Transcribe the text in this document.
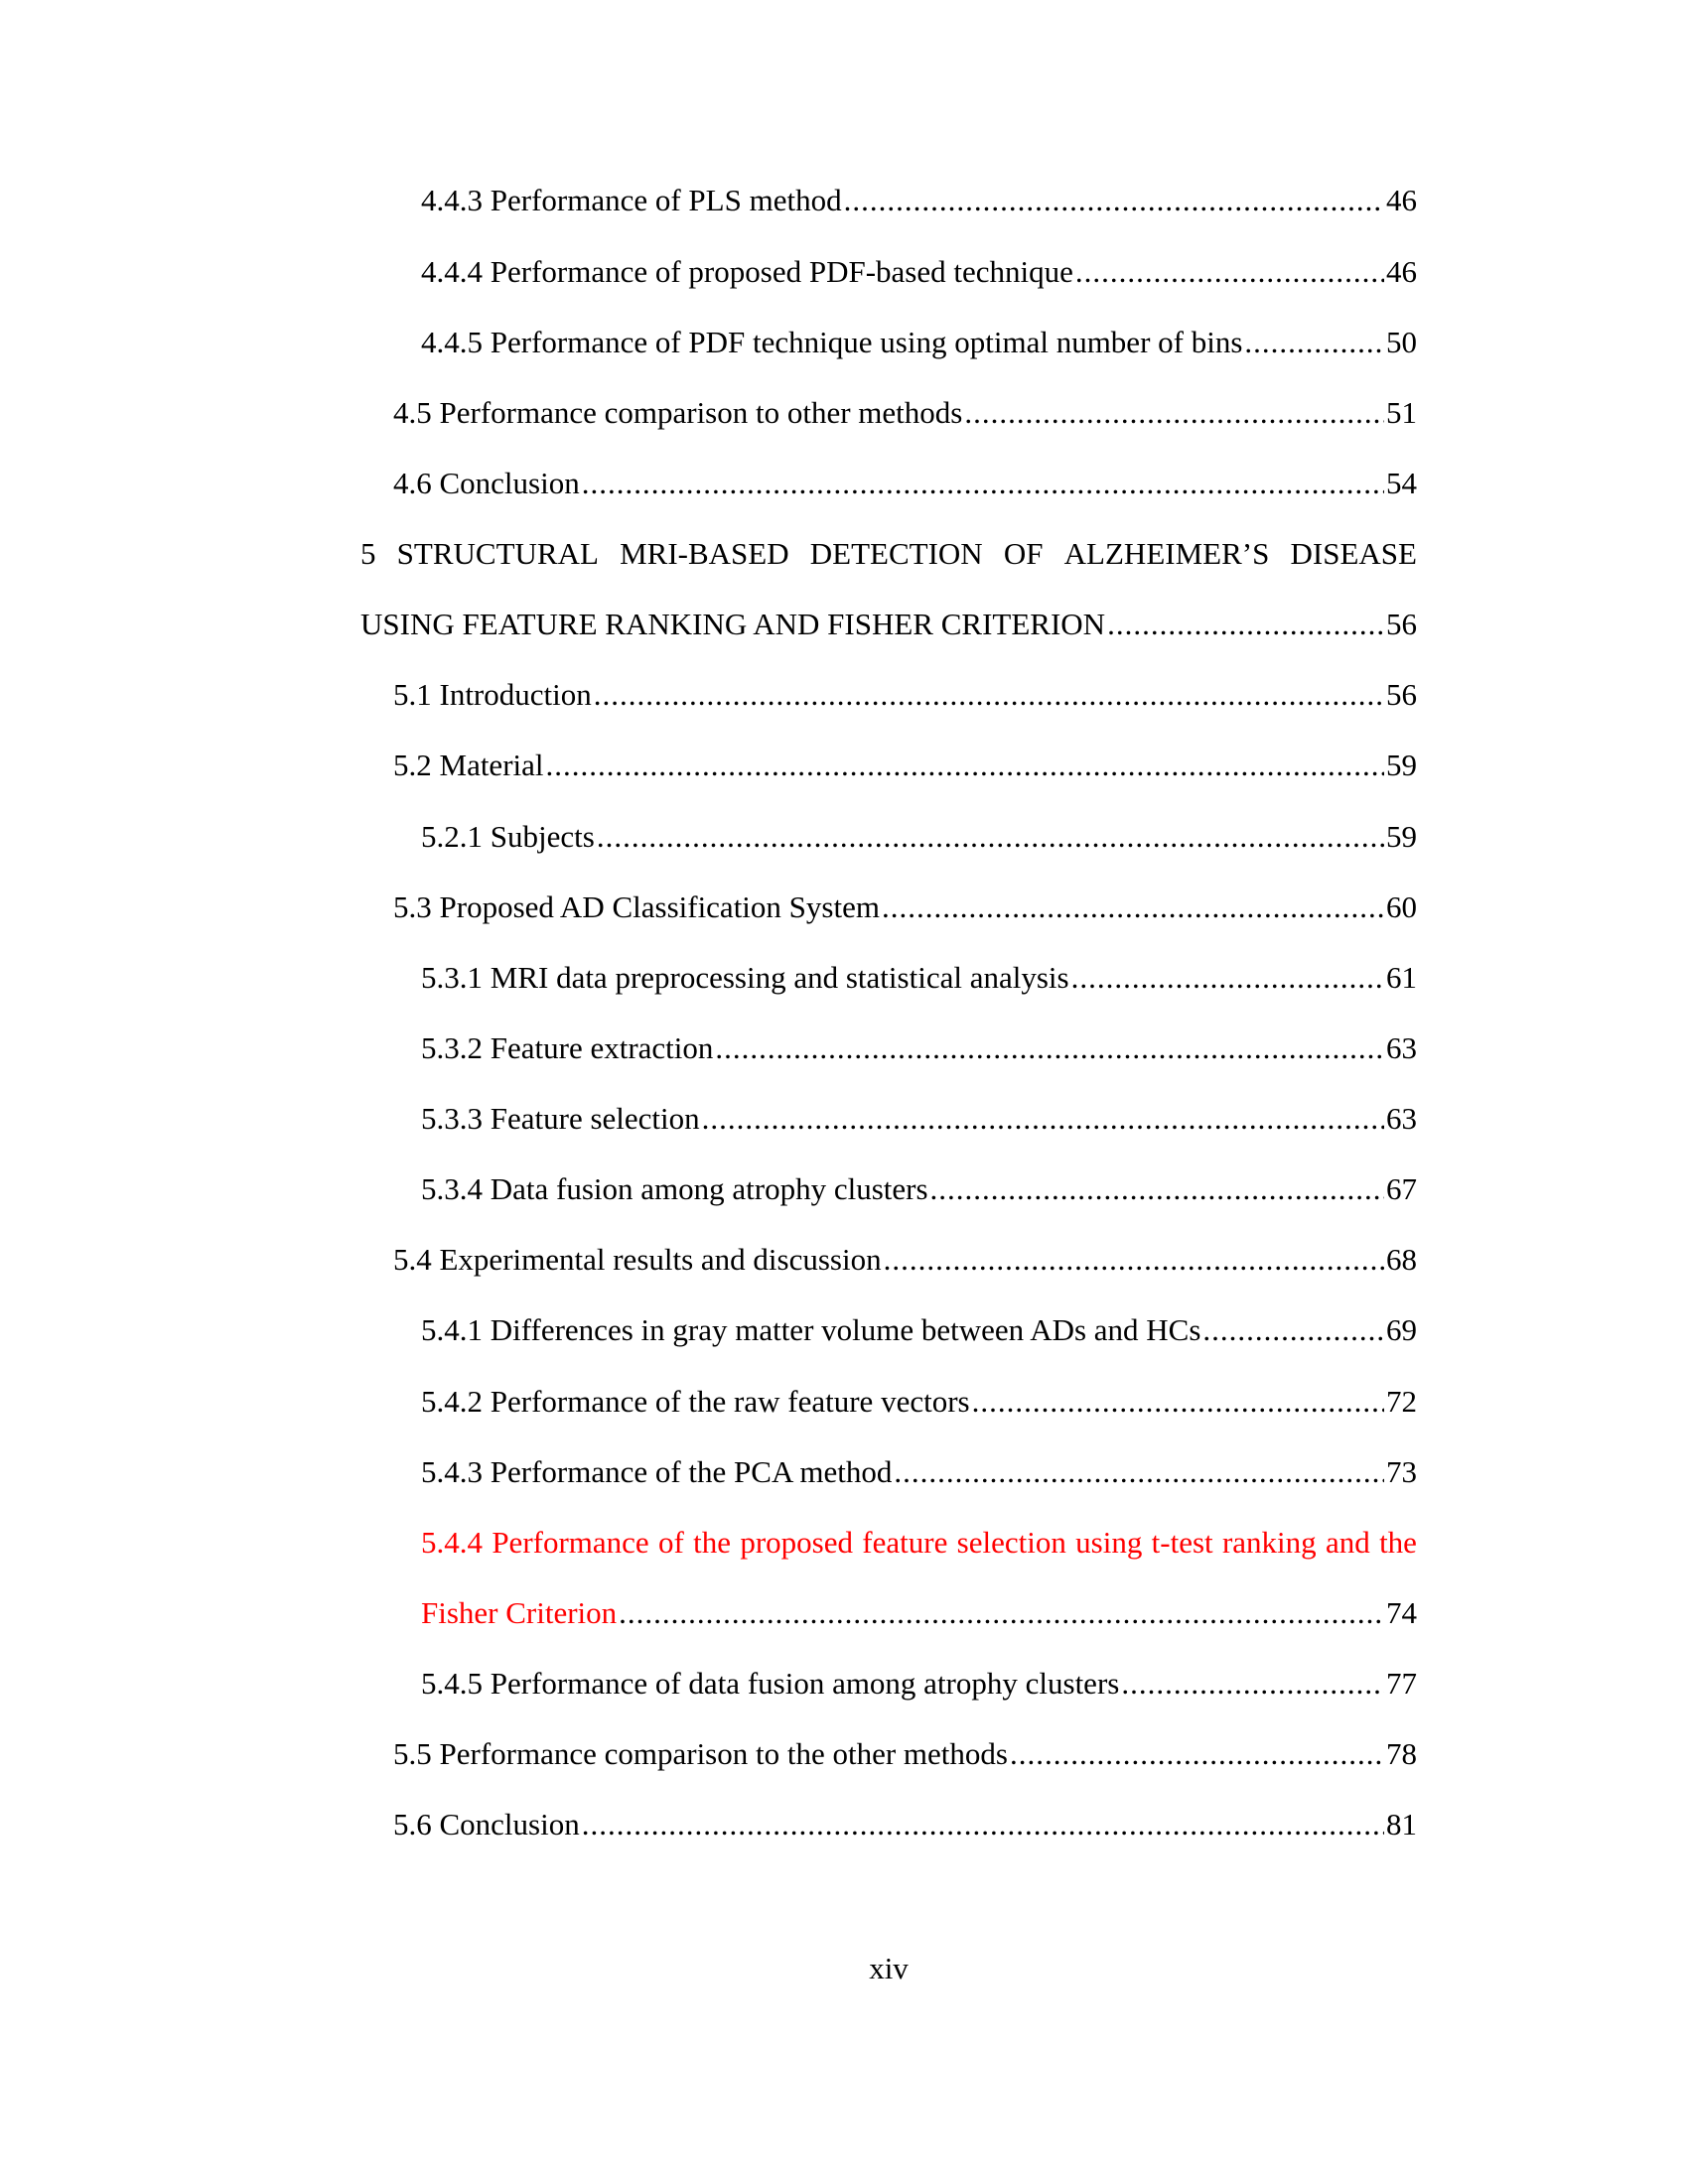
4.4.3 Performance of PLS method .....	46
4.4.4 Performance of proposed PDF-based technique .....	46
4.4.5 Performance of PDF technique using optimal number of bins .....	50
4.5 Performance comparison to other methods .....	51
4.6 Conclusion .....	54
5 STRUCTURAL MRI-BASED DETECTION OF ALZHEIMER’S DISEASE
USING FEATURE RANKING AND FISHER CRITERION .....	56
5.1 Introduction .....	56
5.2 Material .....	59
5.2.1 Subjects .....	59
5.3 Proposed AD Classification System .....	60
5.3.1 MRI data preprocessing and statistical analysis .....	61
5.3.2 Feature extraction .....	63
5.3.3 Feature selection .....	63
5.3.4 Data fusion among atrophy clusters .....	67
5.4 Experimental results and discussion .....	68
5.4.1 Differences in gray matter volume between ADs and HCs .....	69
5.4.2 Performance of the raw feature vectors .....	72
5.4.3 Performance of the PCA method .....	73
5.4.4 Performance of the proposed feature selection using t-test ranking and the
Fisher Criterion .....	74
5.4.5 Performance of data fusion among atrophy clusters .....	77
5.5 Performance comparison to the other methods .....	78
5.6 Conclusion .....	81
xiv
